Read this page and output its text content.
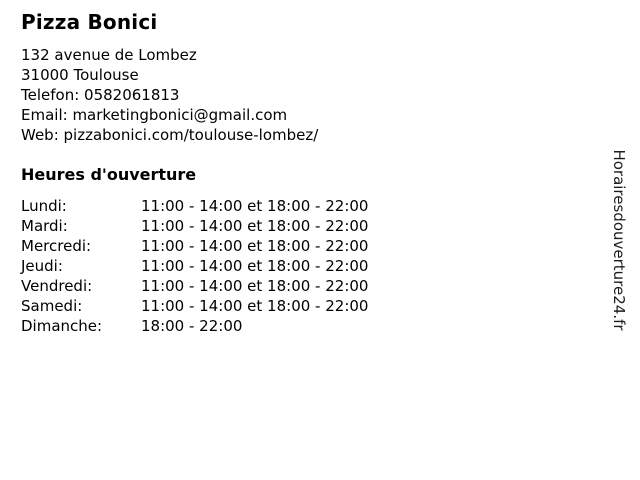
Pizza Bonici
132 avenue de Lombez
31000 Toulouse
Telefon: 0582061813
Email: marketingbonici@gmail.com
Web: pizzabonici.com/toulouse-lombez/
Heures d'ouverture
Lundi:	11:00 - 14:00 et 18:00 - 22:00
Mardi:	11:00 - 14:00 et 18:00 - 22:00
Mercredi:	11:00 - 14:00 et 18:00 - 22:00
Jeudi:	11:00 - 14:00 et 18:00 - 22:00
Vendredi:	11:00 - 14:00 et 18:00 - 22:00
Samedi:	11:00 - 14:00 et 18:00 - 22:00
Dimanche:	18:00 - 22:00	Horairesdouverture24.fr
